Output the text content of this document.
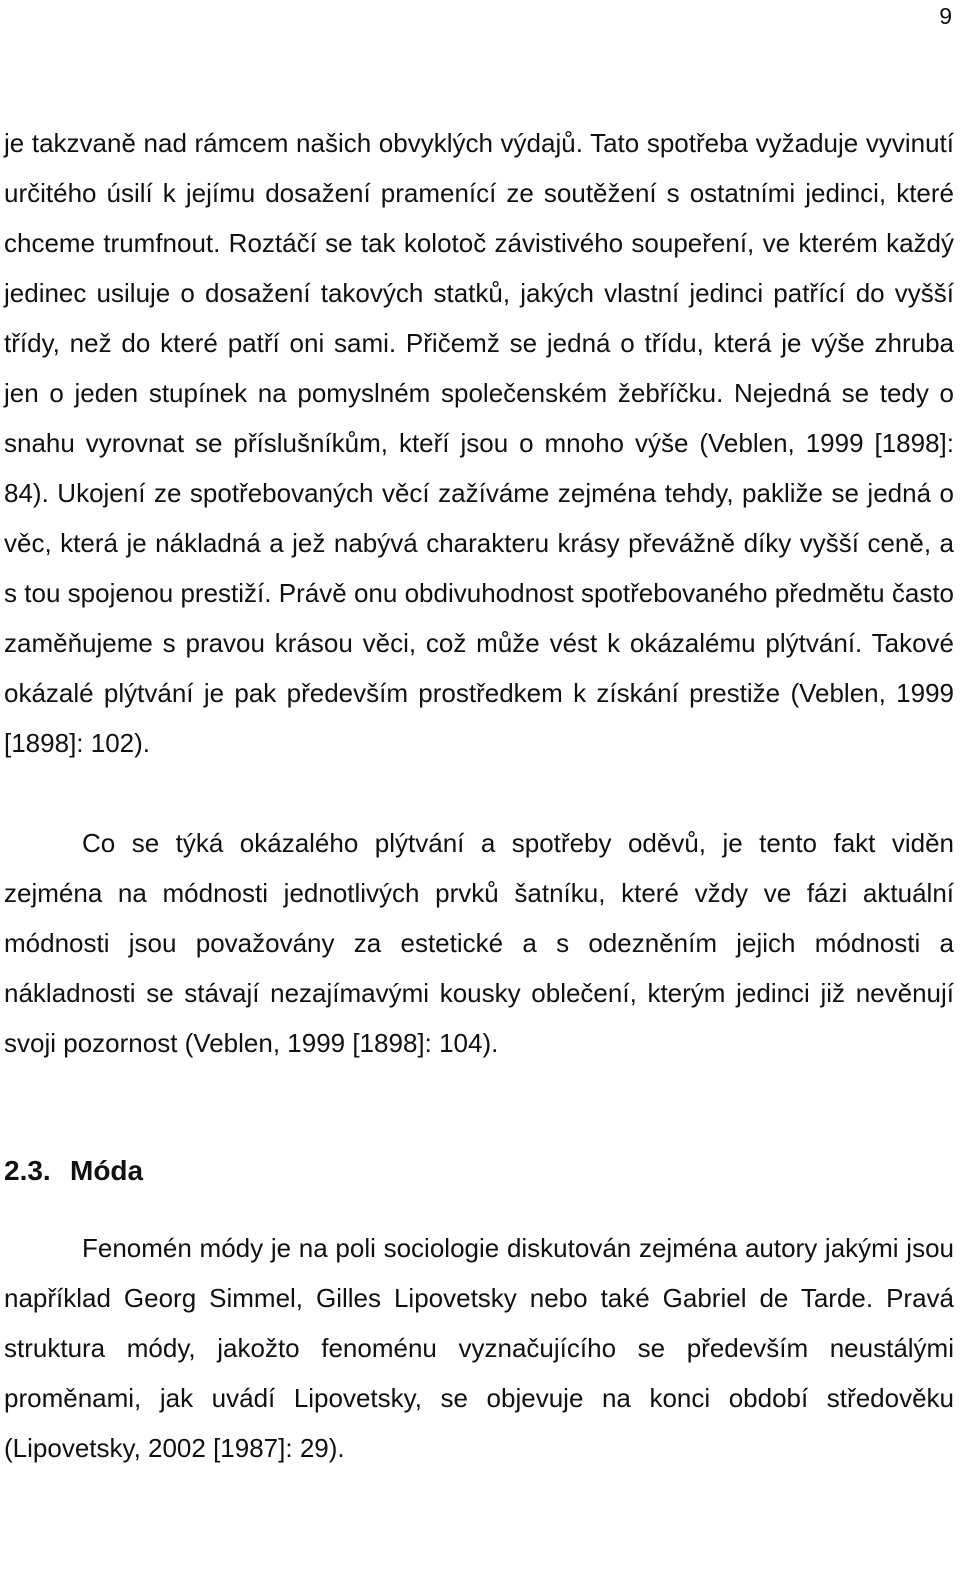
9

je takzvaně nad rámcem našich obvyklých výdajů. Tato spotřeba vyžaduje vyvinutí určitého úsilí k jejímu dosažení pramenící ze soutěžení s ostatními jedinci, které chceme trumfnout. Roztáčí se tak kolotoč závistivého soupeření, ve kterém každý jedinec usiluje o dosažení takových statků, jakých vlastní jedinci patřící do vyšší třídy, než do které patří oni sami. Přičemž se jedná o třídu, která je výše zhruba jen o jeden stupínek na pomyslném společenském žebříčku. Nejedná se tedy o snahu vyrovnat se příslušníkům, kteří jsou o mnoho výše (Veblen, 1999 [1898]: 84). Ukojení ze spotřebovaných věcí zažíváme zejména tehdy, pakliže se jedná o věc, která je nákladná a jež nabývá charakteru krásy převážně díky vyšší ceně, a s tou spojenou prestiží. Právě onu obdivuhodnost spotřebovaného předmětu často zaměňujeme s pravou krásou věci, což může vést k okázalému plýtvání. Takové okázalé plýtvání je pak především prostředkem k získání prestiže (Veblen, 1999 [1898]: 102).

Co se týká okázalého plýtvání a spotřeby oděvů, je tento fakt viděn zejména na módnosti jednotlivých prvků šatníku, které vždy ve fázi aktuální módnosti jsou považovány za estetické a s odezněním jejich módnosti a nákladnosti se stávají nezajímavými kousky oblečení, kterým jedinci již nevěnují svoji pozornost (Veblen, 1999 [1898]: 104).

2.3. Móda

Fenomén módy je na poli sociologie diskutován zejména autory jakými jsou například Georg Simmel, Gilles Lipovetsky nebo také Gabriel de Tarde. Pravá struktura módy, jakožto fenoménu vyznačujícího se především neustálými proměnami, jak uvádí Lipovetsky, se objevuje na konci období středověku (Lipovetsky, 2002 [1987]: 29).
